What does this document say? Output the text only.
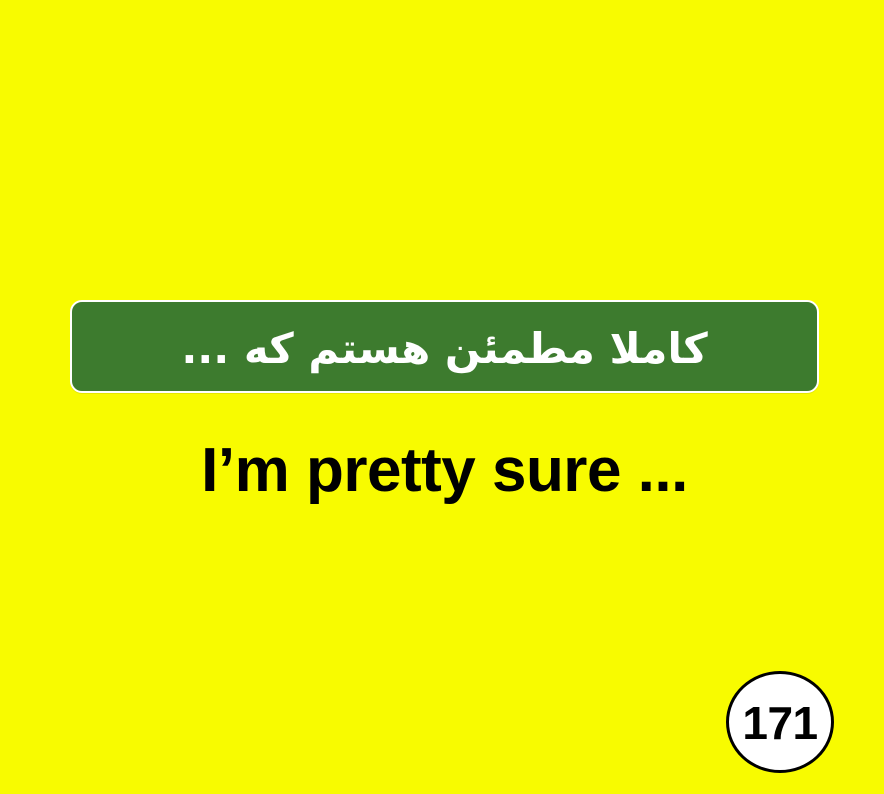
کاملا مطمئن هستم که ...
I’m pretty sure ...
171
